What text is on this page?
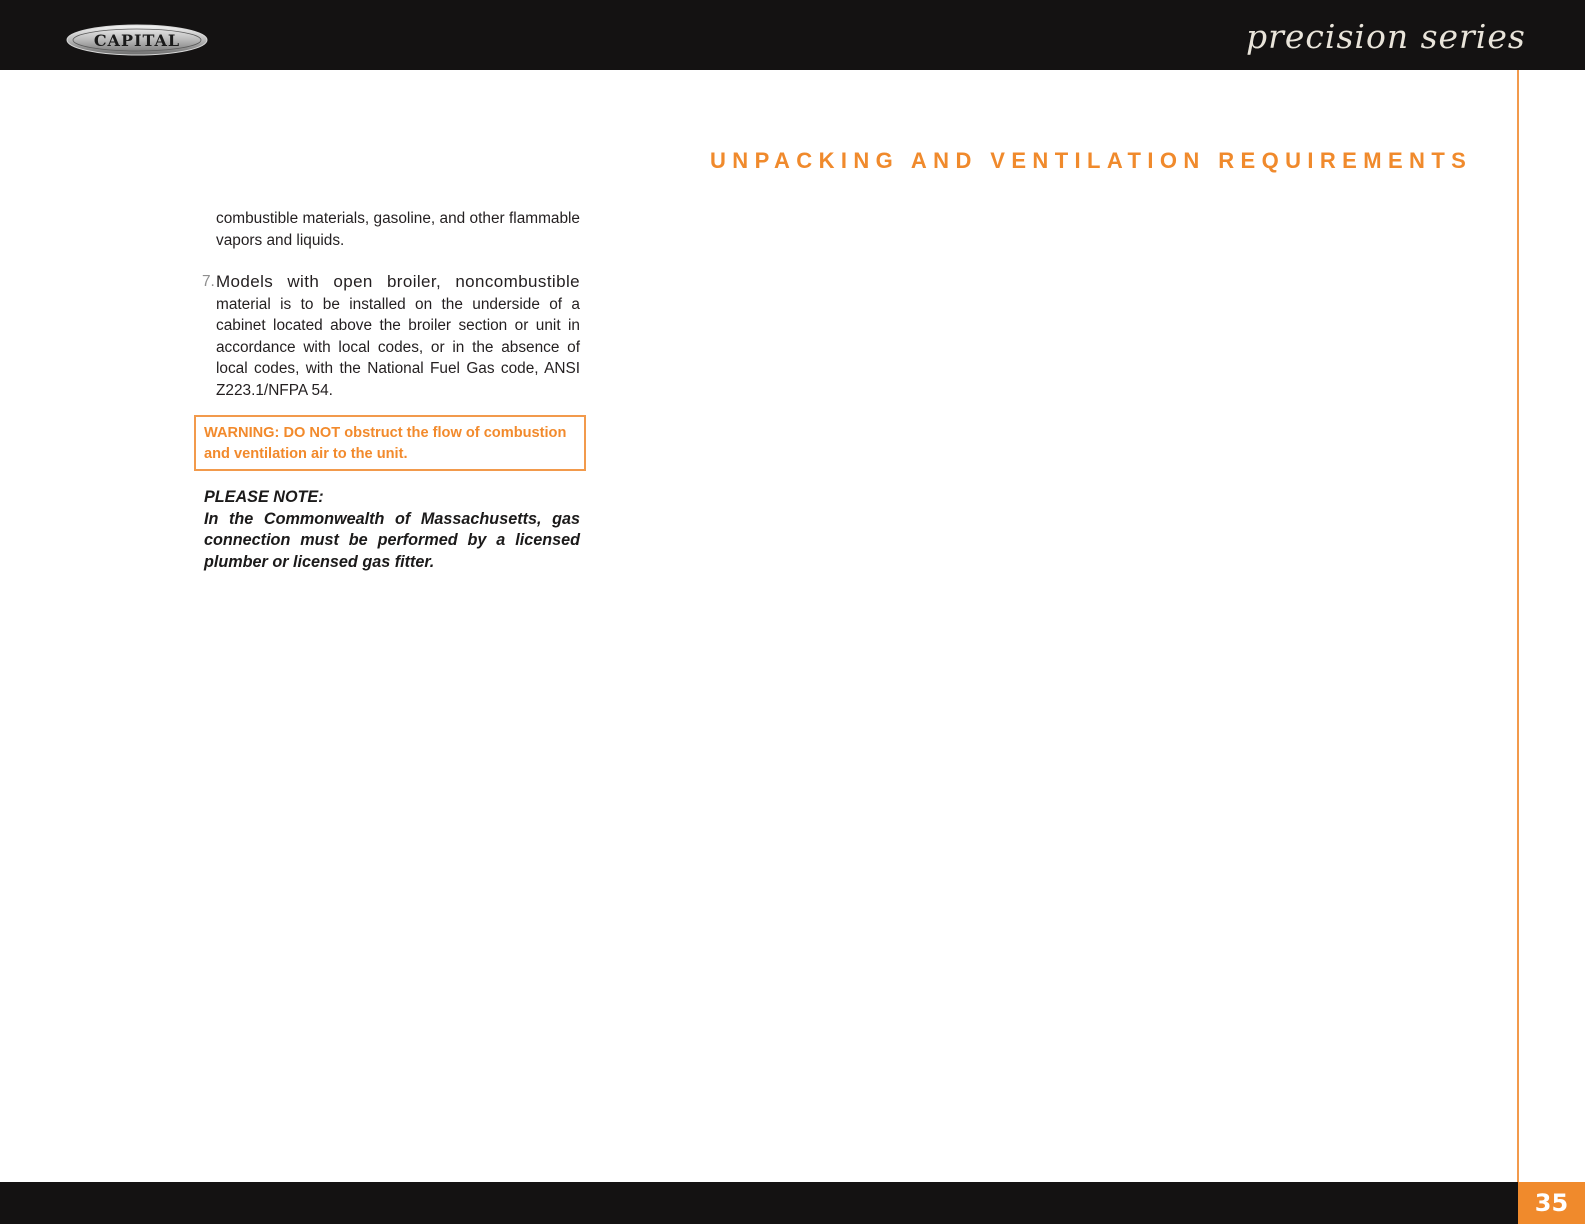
CAPITAL	precision series
UNPACKING AND VENTILATION REQUIREMENTS
combustible materials, gasoline, and other flammable vapors and liquids.
7. Models with open broiler, noncombustible material is to be installed on the underside of a cabinet located above the broiler section or unit in accordance with local codes, or in the absence of local codes, with the National Fuel Gas code, ANSI Z223.1/NFPA 54.
WARNING: DO NOT obstruct the flow of combustion and ventilation air to the unit.
PLEASE NOTE:
In the Commonwealth of Massachusetts, gas connection must be performed by a licensed plumber or licensed gas fitter.
35
